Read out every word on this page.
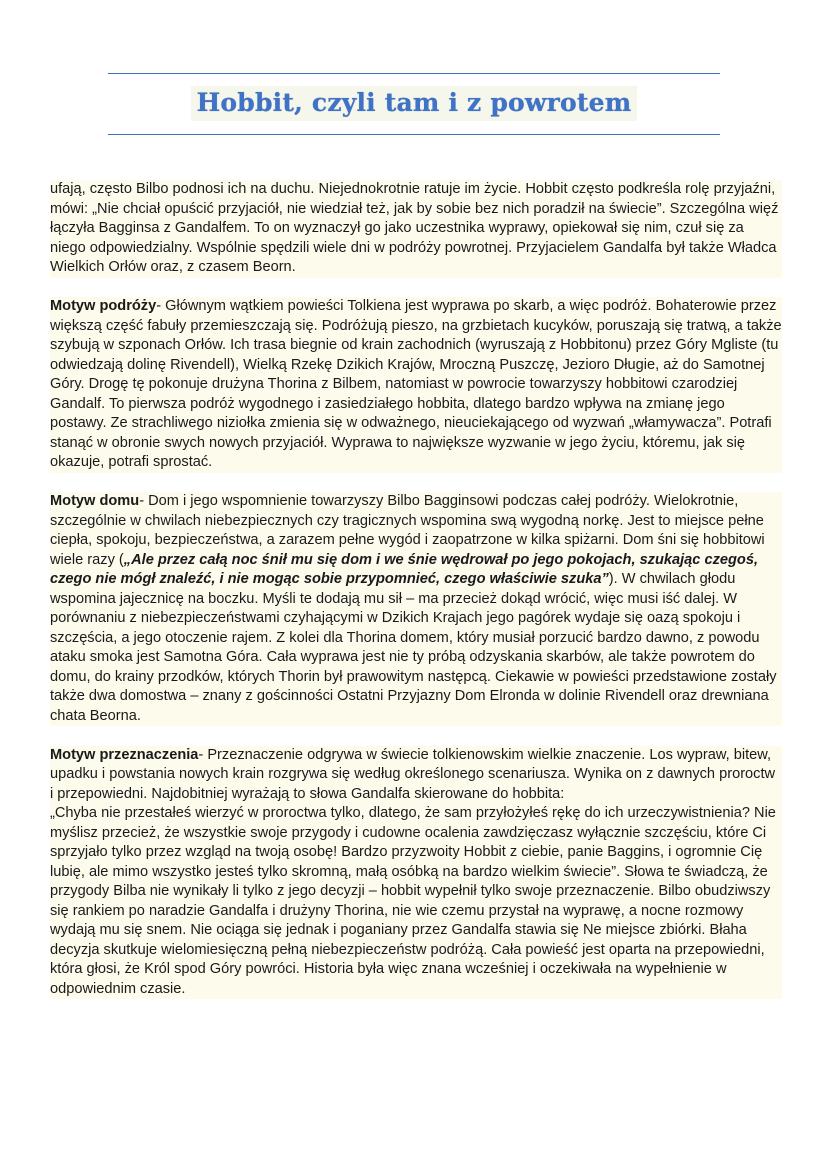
Hobbit, czyli tam i z powrotem

ufają, często Bilbo podnosi ich na duchu. Niejednokrotnie ratuje im życie. Hobbit często podkreśla rolę przyjaźni, mówi: „Nie chciał opuścić przyjaciół, nie wiedział też, jak by sobie bez nich poradził na świecie”. Szczególna więź łączyła Bagginsa z Gandalfem. To on wyznaczył go jako uczestnika wyprawy, opiekował się nim, czuł się za niego odpowiedzialny. Wspólnie spędzili wiele dni w podróży powrotnej. Przyjacielem Gandalfa był także Władca Wielkich Orłów oraz, z czasem Beorn.

Motyw podróży- Głównym wątkiem powieści Tolkiena jest wyprawa po skarb, a więc podróż. Bohaterowie przez większą część fabuły przemieszczają się. Podróżują pieszo, na grzbietach kucyków, poruszają się tratwą, a także szybują w szponach Orłów. Ich trasa biegnie od krain zachodnich (wyruszają z Hobbitonu) przez Góry Mgliste (tu odwiedzają dolinę Rivendell), Wielką Rzekę Dzikich Krajów, Mroczną Puszczę, Jezioro Długie, aż do Samotnej Góry. Drogę tę pokonuje drużyna Thorina z Bilbem, natomiast w powrocie towarzyszy hobbitowi czarodziej Gandalf. To pierwsza podróż wygodnego i zasiedziałego hobbita, dlatego bardzo wpływa na zmianę jego postawy. Ze strachliwego niziołka zmienia się w odważnego, nieuciekającego od wyzwań „włamywacza”. Potrafi stanąć w obronie swych nowych przyjaciół. Wyprawa to największe wyzwanie w jego życiu, któremu, jak się okazuje, potrafi sprostać.

Motyw domu- Dom i jego wspomnienie towarzyszy Bilbo Bagginsowi podczas całej podróży. Wielokrotnie, szczególnie w chwilach niebezpiecznych czy tragicznych wspomina swą wygodną norkę. Jest to miejsce pełne ciepła, spokoju, bezpieczeństwa, a zarazem pełne wygód i zaopatrzone w kilka spiżarni. Dom śni się hobbitowi wiele razy („Ale przez całą noc śnił mu się dom i we śnie wędrował po jego pokojach, szukając czegoś, czego nie mógł znaleźć, i nie mogąc sobie przypomnieć, czego właściwie szuka”). W chwilach głodu wspomina jajecznicę na boczku. Myśli te dodają mu sił – ma przecież dokąd wrócić, więc musi iść dalej. W porównaniu z niebezpieczeństwami czyhającymi w Dzikich Krajach jego pagórek wydaje się oazą spokoju i szczęścia, a jego otoczenie rajem. Z kolei dla Thorina domem, który musiał porzucić bardzo dawno, z powodu ataku smoka jest Samotna Góra. Cała wyprawa jest nie ty próbą odzyskania skarbów, ale także powrotem do domu, do krainy przodków, których Thorin był prawowitym następcą. Ciekawie w powieści przedstawione zostały także dwa domostwa – znany z gościnności Ostatni Przyjazny Dom Elronda w dolinie Rivendell oraz drewniana chata Beorna.

Motyw przeznaczenia- Przeznaczenie odgrywa w świecie tolkienowskim wielkie znaczenie. Los wypraw, bitew, upadku i powstania nowych krain rozgrywa się według określonego scenariusza. Wynika on z dawnych proroctw i przepowiedni. Najdobitniej wyrażają to słowa Gandalfa skierowane do hobbita:
„Chyba nie przestałeś wierzyć w proroctwa tylko, dlatego, że sam przyłożyłeś rękę do ich urzeczywistnienia? Nie myślisz przecież, że wszystkie swoje przygody i cudowne ocalenia zawdzięczasz wyłącznie szczęściu, które Ci sprzyjało tylko przez wzgląd na twoją osobę! Bardzo przyzwoity Hobbit z ciebie, panie Baggins, i ogromnie Cię lubię, ale mimo wszystko jesteś tylko skromną, małą osóbką na bardzo wielkim świecie”. Słowa te świadczą, że przygody Bilba nie wynikały li tylko z jego decyzji – hobbit wypełnił tylko swoje przeznaczenie. Bilbo obudziwszy się rankiem po naradzie Gandalfa i drużyny Thorina, nie wie czemu przystał na wyprawę, a nocne rozmowy wydają mu się snem. Nie ociąga się jednak i poganiany przez Gandalfa stawia się Ne miejsce zbiórki. Błaha decyzja skutkuje wielomiesięczną pełną niebezpieczeństw podróżą. Cała powieść jest oparta na przepowiedni, która głosi, że Król spod Góry powróci. Historia była więc znana wcześniej i oczekiwała na wypełnienie w odpowiednim czasie.
